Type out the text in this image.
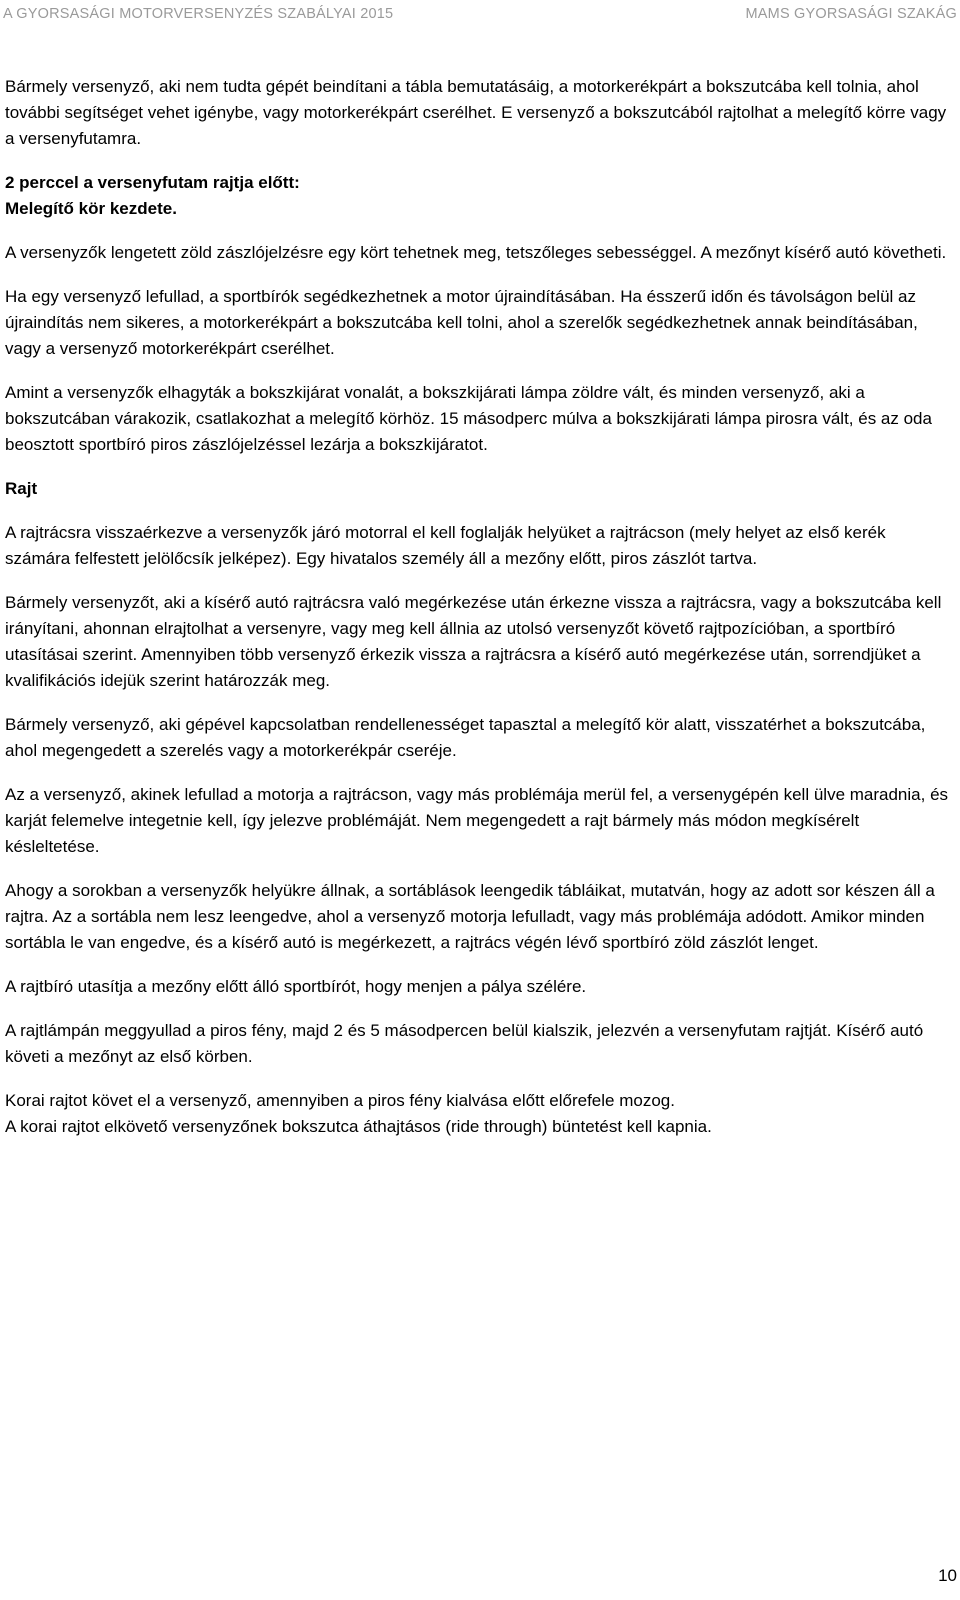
A GYORSASÁGI MOTORVERSENYZÉS SZABÁLYAI 2015	MAMS GYORSASÁGI SZAKÁG

Bármely versenyző, aki nem tudta gépét beindítani a tábla bemutatásáig, a motorkerékpárt a bokszutcába kell tolnia, ahol további segítséget vehet igénybe, vagy motorkerékpárt cserélhet. E versenyző a bokszutcából rajtolhat a melegítő körre vagy a versenyfutamra.

2 perccel a versenyfutam rajtja előtt:
Melegítő kör kezdete.

A versenyzők lengetett zöld zászlójelzésre egy kört tehetnek meg, tetszőleges sebességgel. A mezőnyt kísérő autó követheti.

Ha egy versenyző lefullad, a sportbírók segédkezhetnek a motor újraindításában. Ha ésszerű időn és távolságon belül az újraindítás nem sikeres, a motorkerékpárt a bokszutcába kell tolni, ahol a szerelők segédkezhetnek annak beindításában, vagy a versenyző motorkerékpárt cserélhet.

Amint a versenyzők elhagyták a bokszkijárat vonalát, a bokszkijárati lámpa zöldre vált, és minden versenyző, aki a bokszutcában várakozik, csatlakozhat a melegítő körhöz. 15 másodperc múlva a bokszkijárati lámpa pirosra vált, és az oda beosztott sportbíró piros zászlójelzéssel lezárja a bokszkijáratot.

Rajt

A rajtrácsra visszaérkezve a versenyzők járó motorral el kell foglalják helyüket a rajtrácson (mely helyet az első kerék számára felfestett jelölőcsík jelképez). Egy hivatalos személy áll a mezőny előtt, piros zászlót tartva.

Bármely versenyzőt, aki a kísérő autó rajtrácsra való megérkezése után érkezne vissza a rajtrácsra, vagy a bokszutcába kell irányítani, ahonnan elrajtolhat a versenyre, vagy meg kell állnia az utolsó versenyzőt követő rajtpozícióban, a sportbíró utasításai szerint. Amennyiben több versenyző érkezik vissza a rajtrácsra a kísérő autó megérkezése után, sorrendjüket a kvalifikációs idejük szerint határozzák meg.

Bármely versenyző, aki gépével kapcsolatban rendellenességet tapasztal a melegítő kör alatt, visszatérhet a bokszutcába, ahol megengedett a szerelés vagy a motorkerékpár cseréje.

Az a versenyző, akinek lefullad a motorja a rajtrácson, vagy más problémája merül fel, a versenygépén kell ülve maradnia, és karját felemelve integetnie kell, így jelezve problémáját. Nem megengedett a rajt bármely más módon megkísérelt késleltetése.

Ahogy a sorokban a versenyzők helyükre állnak, a sortáblások leengedik tábláikat, mutatván, hogy az adott sor készen áll a rajtra. Az a sortábla nem lesz leengedve, ahol a versenyző motorja lefulladt, vagy más problémája adódott. Amikor minden sortábla le van engedve, és a kísérő autó is megérkezett, a rajtrács végén lévő sportbíró zöld zászlót lenget.

A rajtbíró utasítja a mezőny előtt álló sportbírót, hogy menjen a pálya szélére.

A rajtlámpán meggyullad a piros fény, majd 2 és 5 másodpercen belül kialszik, jelezvén a versenyfutam rajtját. Kísérő autó követi a mezőnyt az első körben.

Korai rajtot követ el a versenyző, amennyiben a piros fény kialvása előtt előrefele mozog.
A korai rajtot elkövető versenyzőnek bokszutca áthajtásos (ride through) büntetést kell kapnia.

10
